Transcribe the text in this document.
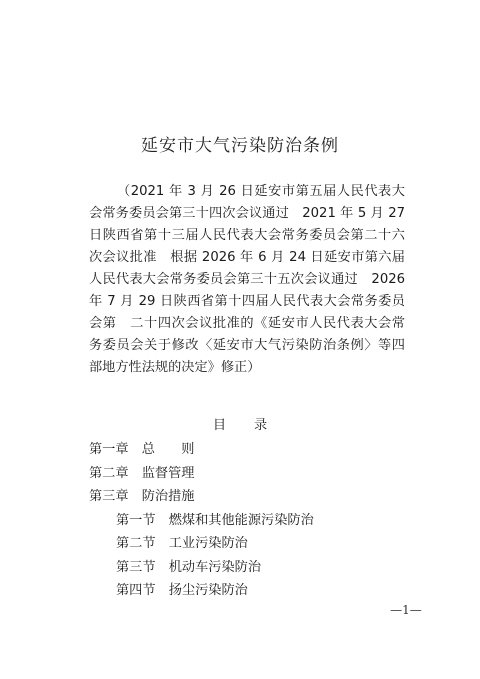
延安市大气污染防治条例
（2021 年 3 月 26 日延安市第五届人民代表大会常务委员会第三十四次会议通过　2021 年 5 月 27 日陕西省第十三届人民代表大会常务委员会第二十六次会议批准　根据 2026 年 6 月 24 日延安市第六届人民代表大会常务委员会第三十五次会议通过　2026 年 7 月 29 日陕西省第十四届人民代表大会常务委员会第　二十四次会议批准的《延安市人民代表大会常务委员会关于修改〈延安市大气污染防治条例〉等四部地方性法规的决定》修正）
目录
第一章　总　　则
第二章　监督管理
第三章　防治措施
第一节　燃煤和其他能源污染防治
第二节　工业污染防治
第三节　机动车污染防治
第四节　扬尘污染防治
—1—
